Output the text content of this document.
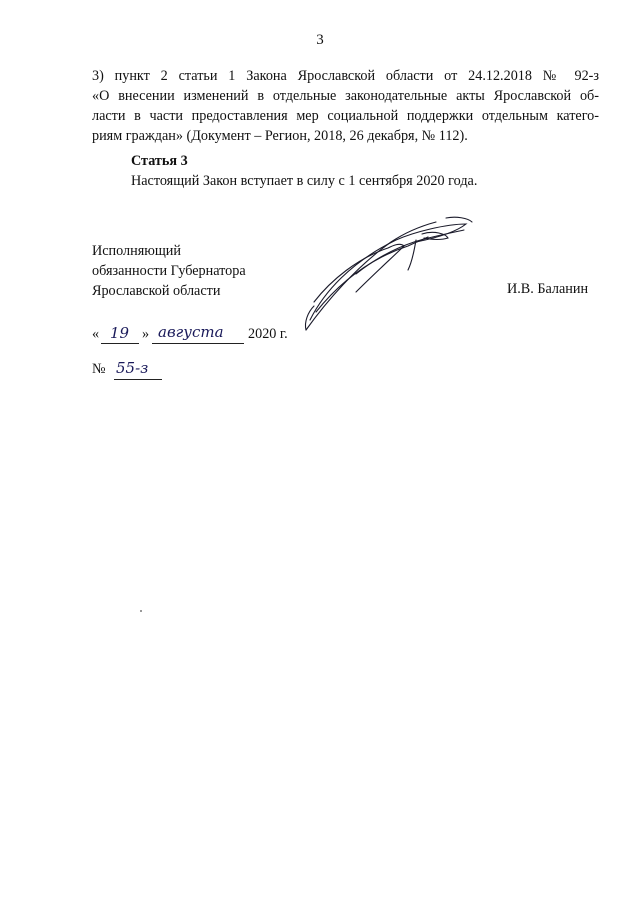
3
3) пункт 2 статьи 1 Закона Ярославской области от 24.12.2018 № 92-з
«О внесении изменений в отдельные законодательные акты Ярославской об-
ласти в части предоставления мер социальной поддержки отдельным катего-
риям граждан» (Документ – Регион, 2018, 26 декабря, № 112).
Статья 3
Настоящий Закон вступает в силу с 1 сентября 2020 года.
Исполняющий
обязанности Губернатора
Ярославской области	И.В. Баланин
« 19 » августа 2020 г.
№ 55-з
